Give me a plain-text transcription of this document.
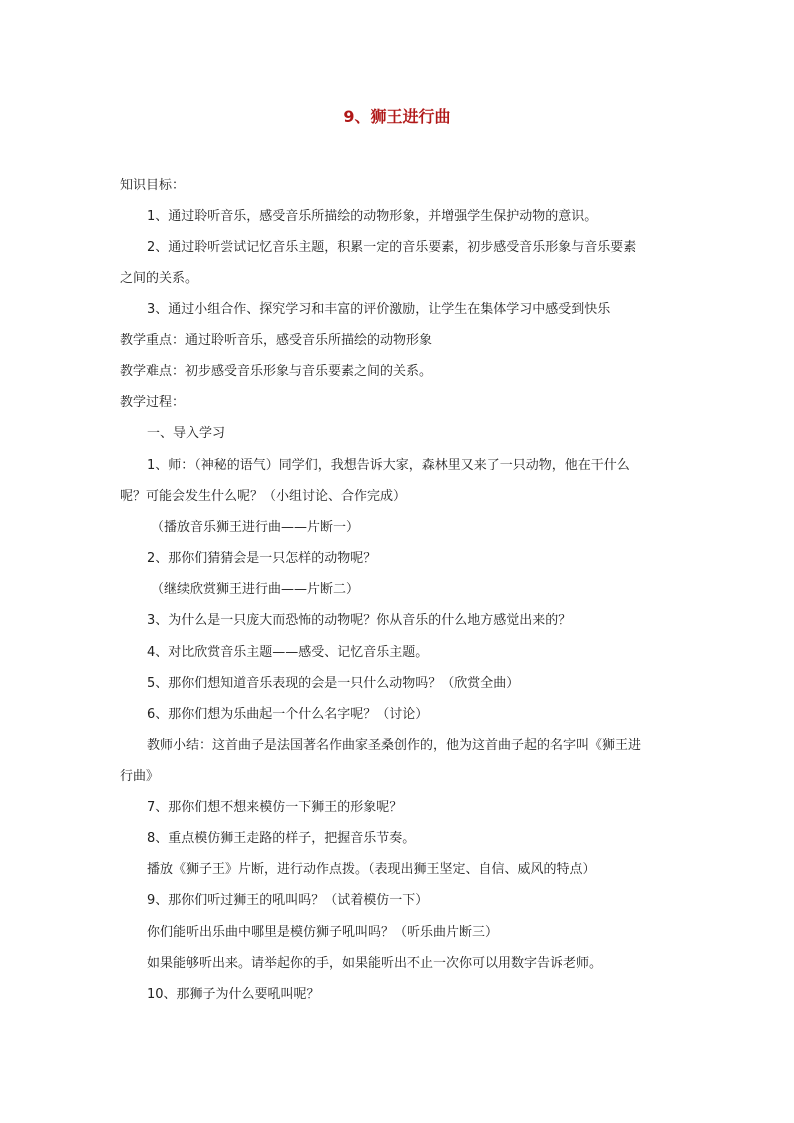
9、狮王进行曲
知识目标：
1、通过聆听音乐，感受音乐所描绘的动物形象，并增强学生保护动物的意识。
2、通过聆听尝试记忆音乐主题，积累一定的音乐要素，初步感受音乐形象与音乐要素
之间的关系。
3、通过小组合作、探究学习和丰富的评价激励，让学生在集体学习中感受到快乐
教学重点：通过聆听音乐，感受音乐所描绘的动物形象
教学难点：初步感受音乐形象与音乐要素之间的关系。
教学过程：
一、导入学习
1、师：（神秘的语气）同学们，我想告诉大家，森林里又来了一只动物，他在干什么
呢？可能会发生什么呢？（小组讨论、合作完成）
（播放音乐狮王进行曲——片断一）
2、那你们猜猜会是一只怎样的动物呢？
（继续欣赏狮王进行曲——片断二）
3、为什么是一只庞大而恐怖的动物呢？你从音乐的什么地方感觉出来的？
4、对比欣赏音乐主题——感受、记忆音乐主题。
5、那你们想知道音乐表现的会是一只什么动物吗？（欣赏全曲）
6、那你们想为乐曲起一个什么名字呢？（讨论）
教师小结：这首曲子是法国著名作曲家圣桑创作的，他为这首曲子起的名字叫《狮王进
行曲》
7、那你们想不想来模仿一下狮王的形象呢？
8、重点模仿狮王走路的样子，把握音乐节奏。
播放《狮子王》片断，进行动作点拨。（表现出狮王坚定、自信、威风的特点）
9、那你们听过狮王的吼叫吗？（试着模仿一下）
你们能听出乐曲中哪里是模仿狮子吼叫吗？（听乐曲片断三）
如果能够听出来。请举起你的手，如果能听出不止一次你可以用数字告诉老师。
10、那狮子为什么要吼叫呢？
